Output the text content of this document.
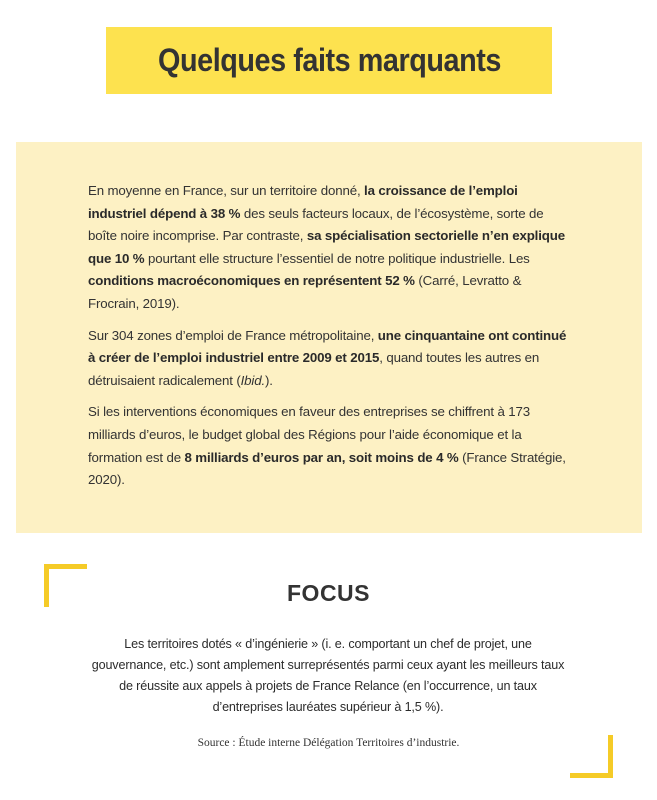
Quelques faits marquants

En moyenne en France, sur un territoire donné, la croissance de l’emploi industriel dépend à 38 % des seuls facteurs locaux, de l’écosystème, sorte de boîte noire incomprise. Par contraste, sa spécialisation sectorielle n’en explique que 10 % pourtant elle structure l’essentiel de notre politique industrielle. Les conditions macroéconomiques en représentent 52 % (Carré, Levratto & Frocrain, 2019).

Sur 304 zones d’emploi de France métropolitaine, une cinquantaine ont continué à créer de l’emploi industriel entre 2009 et 2015, quand toutes les autres en détruisaient radicalement (Ibid.).

Si les interventions économiques en faveur des entreprises se chiffrent à 173 milliards d’euros, le budget global des Régions pour l’aide économique et la formation est de 8 milliards d’euros par an, soit moins de 4 % (France Stratégie, 2020).

FOCUS

Les territoires dotés « d’ingénierie » (i. e. comportant un chef de projet, une gouvernance, etc.) sont amplement surreprésentés parmi ceux ayant les meilleurs taux de réussite aux appels à projets de France Relance (en l’occurrence, un taux d’entreprises lauréates supérieur à 1,5 %).

Source : Étude interne Délégation Territoires d’industrie.
